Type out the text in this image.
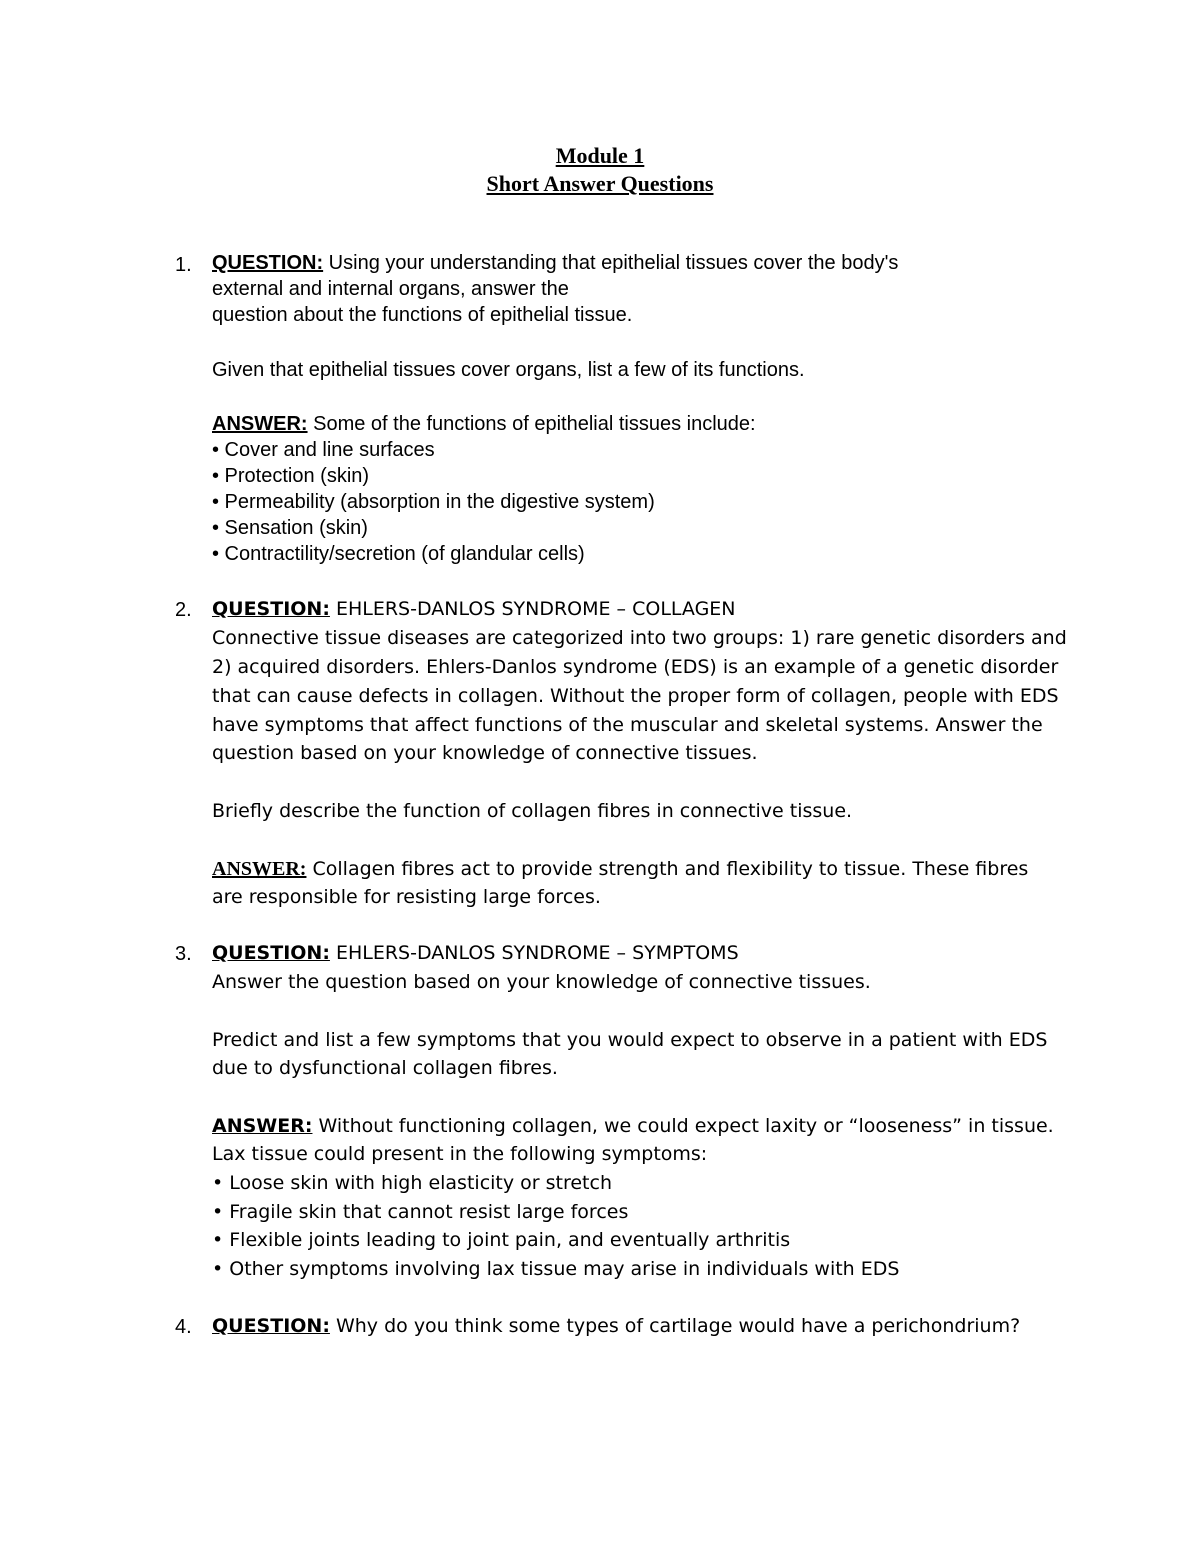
Module 1
Short Answer Questions
1. QUESTION: Using your understanding that epithelial tissues cover the body's
external and internal organs, answer the
question about the functions of epithelial tissue.
Given that epithelial tissues cover organs, list a few of its functions.
ANSWER: Some of the functions of epithelial tissues include:
• Cover and line surfaces
• Protection (skin)
• Permeability (absorption in the digestive system)
• Sensation (skin)
• Contractility/secretion (of glandular cells)
2. QUESTION: EHLERS-DANLOS SYNDROME – COLLAGEN
Connective tissue diseases are categorized into two groups: 1) rare genetic disorders and
2) acquired disorders. Ehlers-Danlos syndrome (EDS) is an example of a genetic disorder
that can cause defects in collagen. Without the proper form of collagen, people with EDS
have symptoms that affect functions of the muscular and skeletal systems. Answer the
question based on your knowledge of connective tissues.
Briefly describe the function of collagen fibres in connective tissue.
ANSWER: Collagen fibres act to provide strength and flexibility to tissue. These fibres
are responsible for resisting large forces.
3. QUESTION: EHLERS-DANLOS SYNDROME – SYMPTOMS
Answer the question based on your knowledge of connective tissues.
Predict and list a few symptoms that you would expect to observe in a patient with EDS
due to dysfunctional collagen fibres.
ANSWER: Without functioning collagen, we could expect laxity or “looseness” in tissue.
Lax tissue could present in the following symptoms:
• Loose skin with high elasticity or stretch
• Fragile skin that cannot resist large forces
• Flexible joints leading to joint pain, and eventually arthritis
• Other symptoms involving lax tissue may arise in individuals with EDS
4. QUESTION: Why do you think some types of cartilage would have a perichondrium?
